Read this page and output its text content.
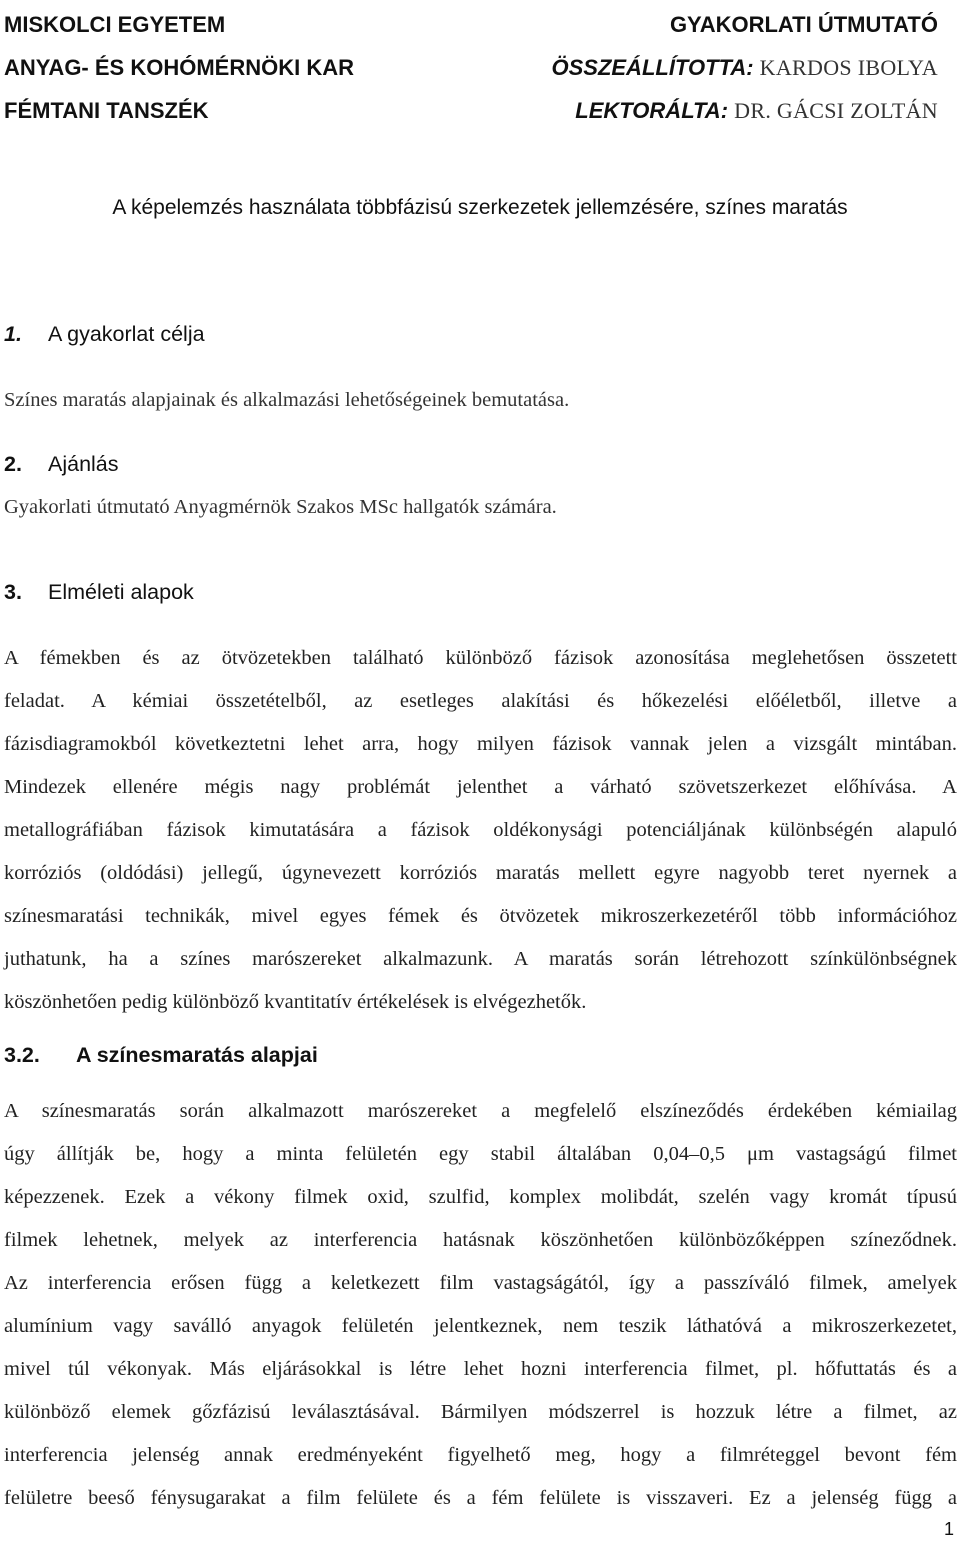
MISKOLCI EGYETEM
ANYAG- ÉS KOHÓMÉRNÖKI KAR
FÉMTANI TANSZÉK
GYAKORLATI ÚTMUTATÓ
ÖSSZEÁLLÍTOTTA: KARDOS IBOLYA
LEKTORÁLTA: DR. GÁCSI ZOLTÁN
A képelemzés használata többfázisú szerkezetek jellemzésére, színes maratás
1. A gyakorlat célja
Színes maratás alapjainak és alkalmazási lehetőségeinek bemutatása.
2. Ajánlás
Gyakorlati útmutató Anyagmérnök Szakos MSc hallgatók számára.
3. Elméleti alapok
A fémekben és az ötvözetekben található különböző fázisok azonosítása meglehetősen összetett
feladat. A kémiai összetételből, az esetleges alakítási és hőkezelési előéletből, illetve a
fázisdiagramokból következtetni lehet arra, hogy milyen fázisok vannak jelen a vizsgált mintában.
Mindezek ellenére mégis nagy problémát jelenthet a várható szövetszerkezet előhívása. A
metallográfiában fázisok kimutatására a fázisok oldékonysági potenciáljának különbségén alapuló
korróziós (oldódási) jellegű, úgynevezett korróziós maratás mellett egyre nagyobb teret nyernek a
színesmaratási technikák, mivel egyes fémek és ötvözetek mikroszerkezetéről több információhoz
juthatunk, ha a színes marószereket alkalmazunk. A maratás során létrehozott színkülönbségnek
köszönhetően pedig különböző kvantitatív értékelések is elvégezhetők.
3.2. A színesmaratás alapjai
A színesmaratás során alkalmazott marószereket a megfelelő elszíneződés érdekében kémiailag
úgy állítják be, hogy a minta felületén egy stabil általában 0,04–0,5 μm vastagságú filmet
képezzenek. Ezek a vékony filmek oxid, szulfid, komplex molibdát, szelén vagy kromát típusú
filmek lehetnek, melyek az interferencia hatásnak köszönhetően különbözőképpen színeződnek.
Az interferencia erősen függ a keletkezett film vastagságától, így a passzíváló filmek, amelyek
alumínium vagy saválló anyagok felületén jelentkeznek, nem teszik láthatóvá a mikroszerkezetet,
mivel túl vékonyak. Más eljárásokkal is létre lehet hozni interferencia filmet, pl. hőfuttatás és a
különböző elemek gőzfázisú leválasztásával. Bármilyen módszerrel is hozzuk létre a filmet, az
interferencia jelenség annak eredményeként figyelhető meg, hogy a filmréteggel bevont fém
felületre beeső fénysugarakat a film felülete és a fém felülete is visszaveri. Ez a jelenség függ a
1
